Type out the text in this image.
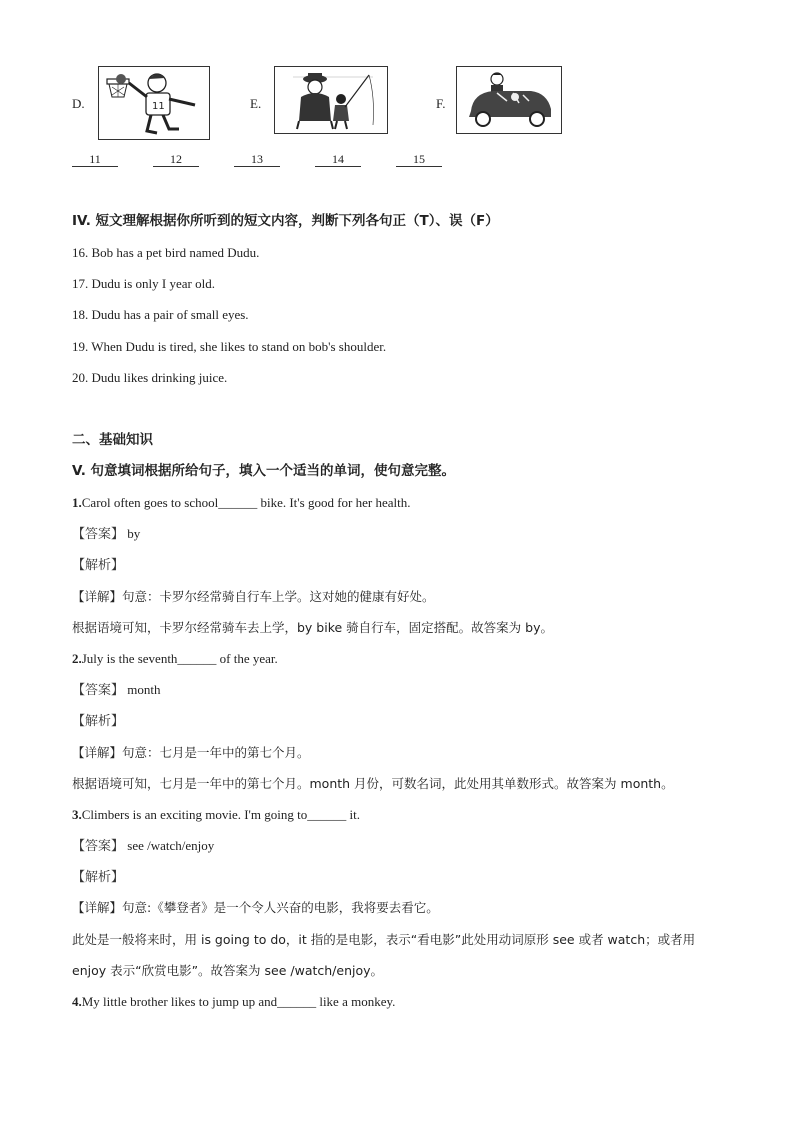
D.	11	E.	F.
11	12	13	14	15
IV. 短文理解根据你所听到的短文内容，判断下列各句正（T）、误（F）
16. Bob has a pet bird named Dudu.
17. Dudu is only I year old.
18. Dudu has a pair of small eyes.
19. When Dudu is tired, she likes to stand on bob's shoulder.
20. Dudu likes drinking juice.
二、基础知识
V. 句意填词根据所给句子，填入一个适当的单词，使句意完整。
1.Carol often goes to school______ bike. It's good for her health.
【答案】 by
【解析】
【详解】句意：卡罗尔经常骑自行车上学。这对她的健康有好处。
根据语境可知，卡罗尔经常骑车去上学，by bike 骑自行车，固定搭配。故答案为 by。
2.July is the seventh______ of the year.
【答案】 month
【解析】
【详解】句意：七月是一年中的第七个月。
根据语境可知，七月是一年中的第七个月。month 月份，可数名词，此处用其单数形式。故答案为 month。
3.Climbers is an exciting movie. I'm going to______ it.
【答案】 see /watch/enjoy
【解析】
【详解】句意:《攀登者》是一个令人兴奋的电影，我将要去看它。
此处是一般将来时，用 is going to do，it 指的是电影，表示“看电影”此处用动词原形 see 或者 watch；或者用
enjoy 表示“欣赏电影”。故答案为 see /watch/enjoy。
4.My little brother likes to jump up and______ like a monkey.
